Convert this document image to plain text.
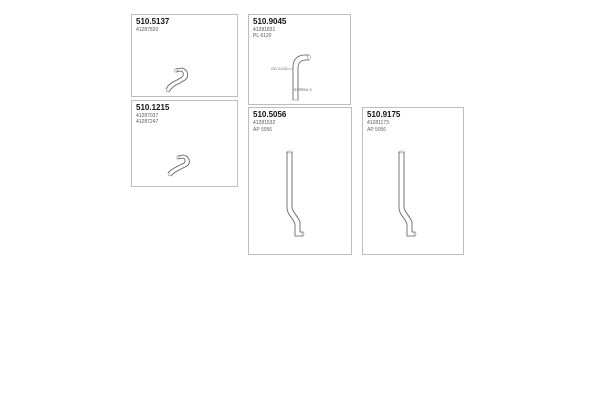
510.5137
41287820
510.9045
41281831
PL 6120
OD 0120
ID 0140-3
510.1215
41287037
41287247
510.5056
41281532
AP 5056
510.9175
41281173
AP 5056
